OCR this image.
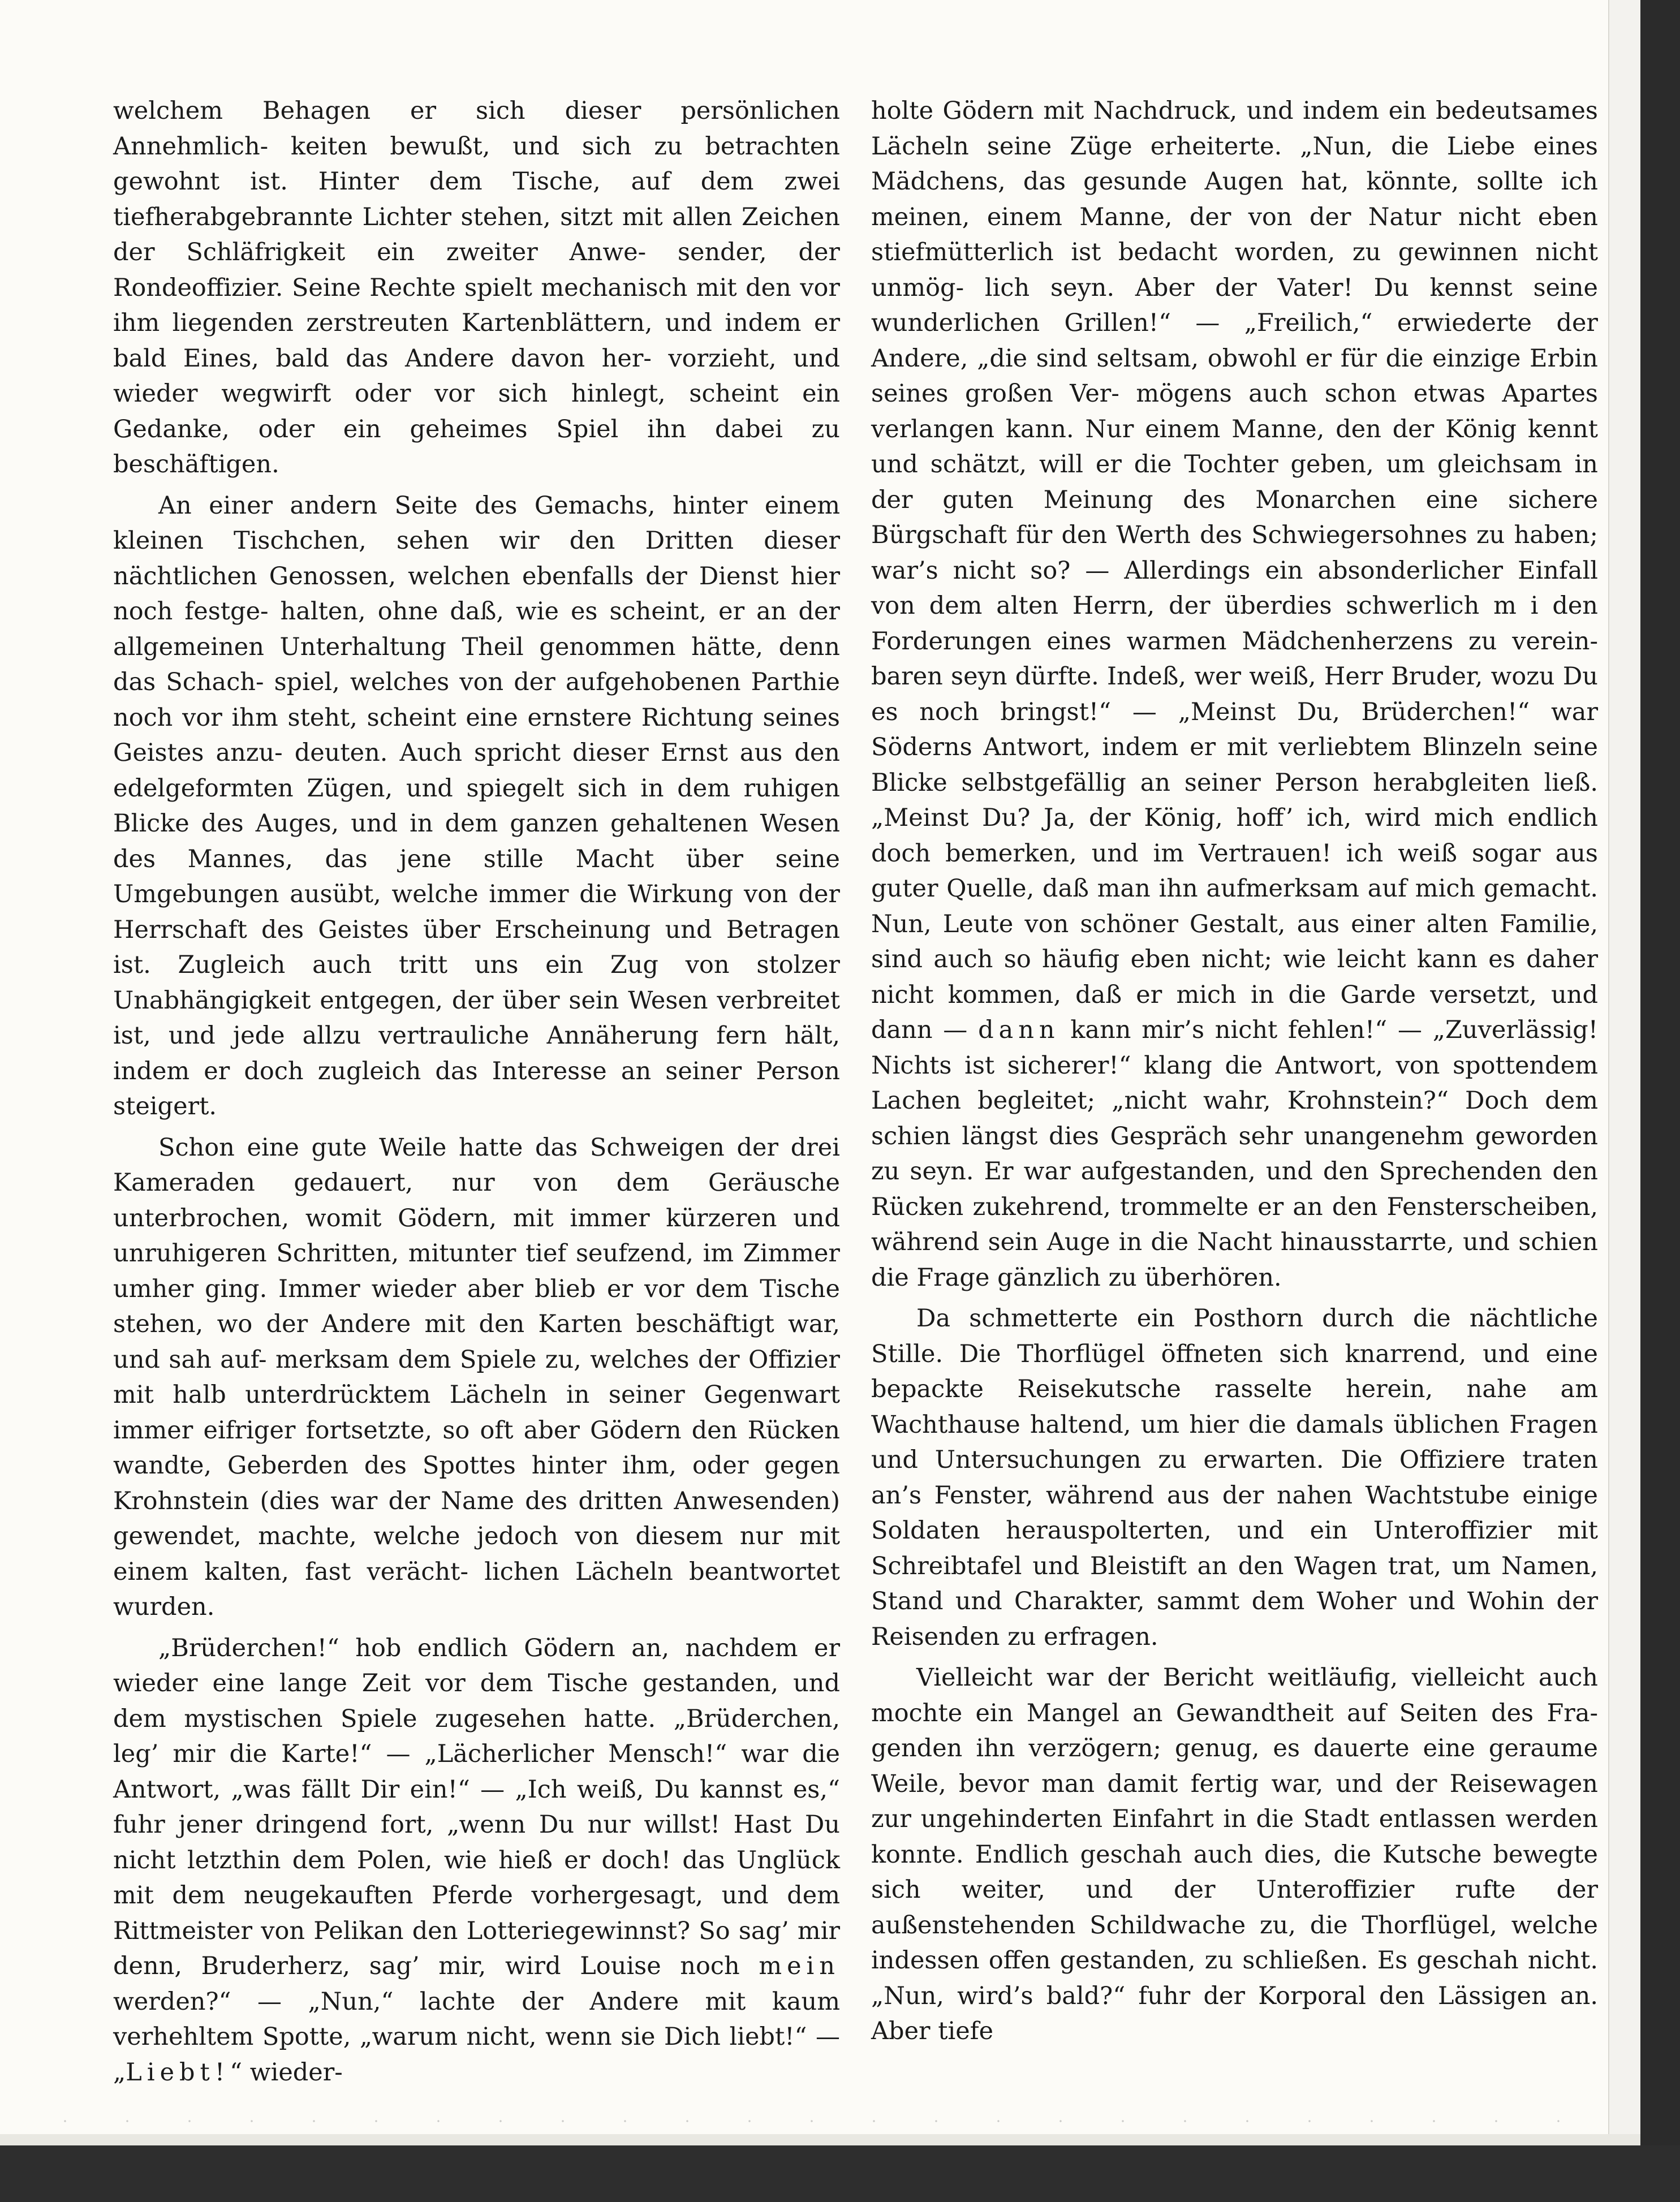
welchem Behagen er sich dieser persönlichen Annehmlich- keiten bewußt, und sich zu betrachten gewohnt ist. Hinter dem Tische, auf dem zwei tiefherabgebrannte Lichter stehen, sitzt mit allen Zeichen der Schläfrigkeit ein zweiter Anwe- sender, der Rondeoffizier. Seine Rechte spielt mechanisch mit den vor ihm liegenden zerstreuten Kartenblättern, und indem er bald Eines, bald das Andere davon her- vorzieht, und wieder wegwirft oder vor sich hinlegt, scheint ein Gedanke, oder ein geheimes Spiel ihn dabei zu beschäftigen.

An einer andern Seite des Gemachs, hinter einem kleinen Tischchen, sehen wir den Dritten dieser nächtlichen Genossen, welchen ebenfalls der Dienst hier noch festge- halten, ohne daß, wie es scheint, er an der allgemeinen Unterhaltung Theil genommen hätte, denn das Schach- spiel, welches von der aufgehobenen Parthie noch vor ihm steht, scheint eine ernstere Richtung seines Geistes anzu- deuten. Auch spricht dieser Ernst aus den edelgeformten Zügen, und spiegelt sich in dem ruhigen Blicke des Auges, und in dem ganzen gehaltenen Wesen des Mannes, das jene stille Macht über seine Umgebungen ausübt, welche immer die Wirkung von der Herrschaft des Geistes über Erscheinung und Betragen ist. Zugleich auch tritt uns ein Zug von stolzer Unabhängigkeit entgegen, der über sein Wesen verbreitet ist, und jede allzu vertrauliche Annäherung fern hält, indem er doch zugleich das Interesse an seiner Person steigert.

Schon eine gute Weile hatte das Schweigen der drei Kameraden gedauert, nur von dem Geräusche unterbrochen, womit Gödern, mit immer kürzeren und unruhigeren Schritten, mitunter tief seufzend, im Zimmer umher ging. Immer wieder aber blieb er vor dem Tische stehen, wo der Andere mit den Karten beschäftigt war, und sah auf- merksam dem Spiele zu, welches der Offizier mit halb unterdrücktem Lächeln in seiner Gegenwart immer eifriger fortsetzte, so oft aber Gödern den Rücken wandte, Geberden des Spottes hinter ihm, oder gegen Krohnstein (dies war der Name des dritten Anwesenden) gewendet, machte, welche jedoch von diesem nur mit einem kalten, fast verächt- lichen Lächeln beantwortet wurden.

„Brüderchen!“ hob endlich Gödern an, nachdem er wieder eine lange Zeit vor dem Tische gestanden, und dem mystischen Spiele zugesehen hatte. „Brüderchen, leg’ mir die Karte!“ — „Lächerlicher Mensch!“ war die Antwort, „was fällt Dir ein!“ — „Ich weiß, Du kannst es,“ fuhr jener dringend fort, „wenn Du nur willst! Hast Du nicht letzthin dem Polen, wie hieß er doch! das Unglück mit dem neugekauften Pferde vorhergesagt, und dem Rittmeister von Pelikan den Lotteriegewinnst? So sag’ mir denn, Bruderherz, sag’ mir, wird Louise noch mein werden?“ — „Nun,“ lachte der Andere mit kaum verhehltem Spotte, „warum nicht, wenn sie Dich liebt!“ — „Liebt!“ wieder-

holte Gödern mit Nachdruck, und indem ein bedeutsames Lächeln seine Züge erheiterte. „Nun, die Liebe eines Mädchens, das gesunde Augen hat, könnte, sollte ich meinen, einem Manne, der von der Natur nicht eben stiefmütterlich ist bedacht worden, zu gewinnen nicht unmög- lich seyn. Aber der Vater! Du kennst seine wunderlichen Grillen!“ — „Freilich,“ erwiederte der Andere, „die sind seltsam, obwohl er für die einzige Erbin seines großen Ver- mögens auch schon etwas Apartes verlangen kann. Nur einem Manne, den der König kennt und schätzt, will er die Tochter geben, um gleichsam in der guten Meinung des Monarchen eine sichere Bürgschaft für den Werth des Schwiegersohnes zu haben; war’s nicht so? — Allerdings ein absonderlicher Einfall von dem alten Herrn, der überdies schwerlich m i den Forderungen eines warmen Mädchenherzens zu verein- baren seyn dürfte. Indeß, wer weiß, Herr Bruder, wozu Du es noch bringst!“ — „Meinst Du, Brüderchen!“ war Söderns Antwort, indem er mit verliebtem Blinzeln seine Blicke selbstgefällig an seiner Person herabgleiten ließ. „Meinst Du? Ja, der König, hoff’ ich, wird mich endlich doch bemerken, und im Vertrauen! ich weiß sogar aus guter Quelle, daß man ihn aufmerksam auf mich gemacht. Nun, Leute von schöner Gestalt, aus einer alten Familie, sind auch so häufig eben nicht; wie leicht kann es daher nicht kommen, daß er mich in die Garde versetzt, und dann — dann kann mir’s nicht fehlen!“ — „Zuverlässig! Nichts ist sicherer!“ klang die Antwort, von spottendem Lachen begleitet; „nicht wahr, Krohnstein?“ Doch dem schien längst dies Gespräch sehr unangenehm geworden zu seyn. Er war aufgestanden, und den Sprechenden den Rücken zukehrend, trommelte er an den Fensterscheiben, während sein Auge in die Nacht hinausstarrte, und schien die Frage gänzlich zu überhören.

Da schmetterte ein Posthorn durch die nächtliche Stille. Die Thorflügel öffneten sich knarrend, und eine bepackte Reisekutsche rasselte herein, nahe am Wachthause haltend, um hier die damals üblichen Fragen und Untersuchungen zu erwarten. Die Offiziere traten an’s Fenster, während aus der nahen Wachtstube einige Soldaten herauspolterten, und ein Unteroffizier mit Schreibtafel und Bleistift an den Wagen trat, um Namen, Stand und Charakter, sammt dem Woher und Wohin der Reisenden zu erfragen.

Vielleicht war der Bericht weitläufig, vielleicht auch mochte ein Mangel an Gewandtheit auf Seiten des Fra- genden ihn verzögern; genug, es dauerte eine geraume Weile, bevor man damit fertig war, und der Reisewagen zur ungehinderten Einfahrt in die Stadt entlassen werden konnte. Endlich geschah auch dies, die Kutsche bewegte sich weiter, und der Unteroffizier rufte der außenstehenden Schildwache zu, die Thorflügel, welche indessen offen gestanden, zu schließen. Es geschah nicht. „Nun, wird’s bald?“ fuhr der Korporal den Lässigen an. Aber tiefe
